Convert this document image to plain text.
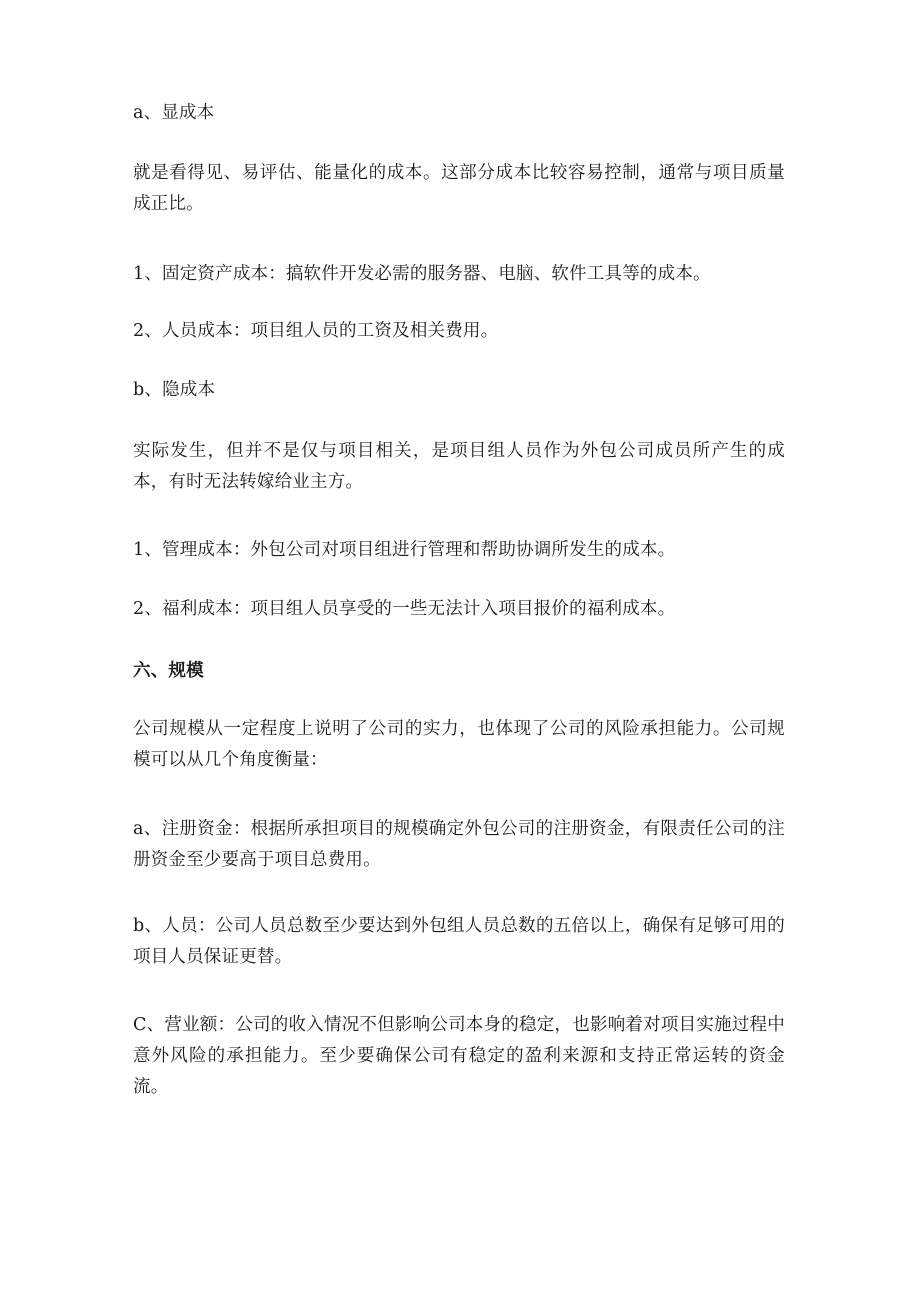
a、显成本

就是看得见、易评估、能量化的成本。这部分成本比较容易控制，通常与项目质量成正比。

1、固定资产成本：搞软件开发必需的服务器、电脑、软件工具等的成本。

2、人员成本：项目组人员的工资及相关费用。

b、隐成本

实际发生，但并不是仅与项目相关，是项目组人员作为外包公司成员所产生的成本，有时无法转嫁给业主方。

1、管理成本：外包公司对项目组进行管理和帮助协调所发生的成本。

2、福利成本：项目组人员享受的一些无法计入项目报价的福利成本。

六、规模

公司规模从一定程度上说明了公司的实力，也体现了公司的风险承担能力。公司规模可以从几个角度衡量：

a、注册资金：根据所承担项目的规模确定外包公司的注册资金，有限责任公司的注册资金至少要高于项目总费用。

b、人员：公司人员总数至少要达到外包组人员总数的五倍以上，确保有足够可用的项目人员保证更替。

C、营业额：公司的收入情况不但影响公司本身的稳定，也影响着对项目实施过程中意外风险的承担能力。至少要确保公司有稳定的盈利来源和支持正常运转的资金流。
